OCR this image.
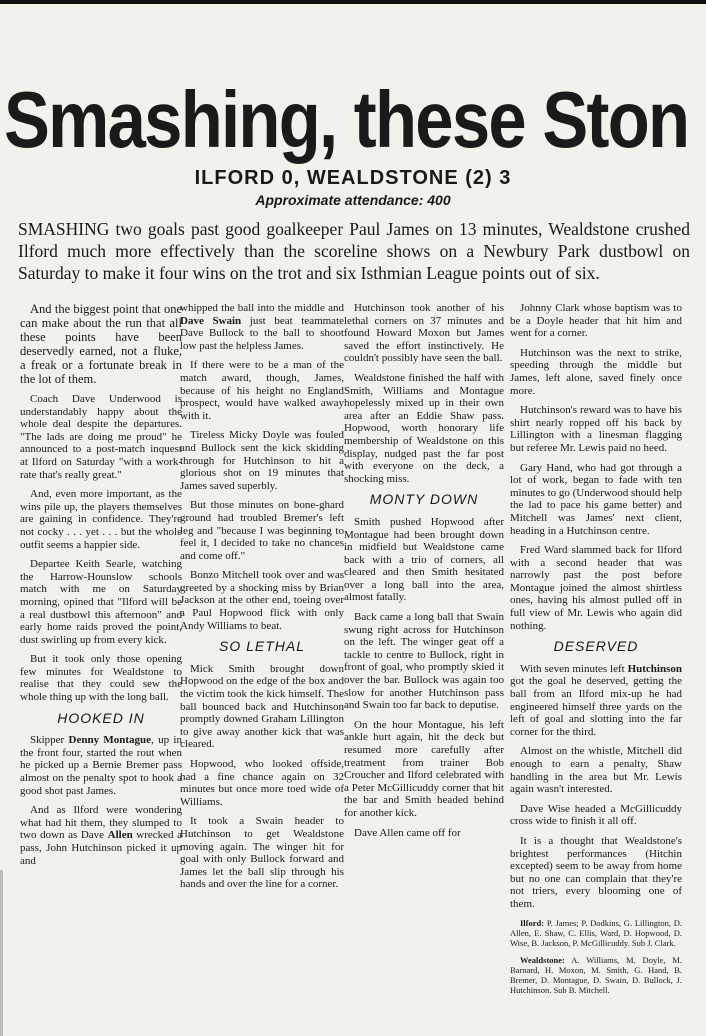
Smashing, these Ston
ILFORD 0, WEALDSTONE (2) 3
Approximate attendance: 400

SMASHING two goals past good goalkeeper Paul James on 13 minutes, Wealdstone crushed Ilford much more effectively than the scoreline shows on a Newbury Park dustbowl on Saturday to make it four wins on the trot and six Isthmian League points out of six.

And the biggest point that one can make about the run that all these points have been deservedly earned, not a fluke, a freak or a fortunate break in the lot of them.

Coach Dave Underwood is understandably happy about the whole deal despite the departures. "The lads are doing me proud" he announced to a post-match inquest at Ilford on Saturday "with a work-rate that's really great."

And, even more important, as the wins pile up, the players themselves are gaining in confidence. They're not cocky . . . yet . . . but the whole outfit seems a happier side.

Departee Keith Searle, watching the Harrow-Hounslow schools match with me on Saturday morning, opined that "Ilford will be a real dustbowl this afternoon" and early home raids proved the point, dust swirling up from every kick.

But it took only those opening few minutes for Wealdstone to realise that they could sew the whole thing up with the long ball.

HOOKED IN

Skipper Denny Montague, up in the front four, started the rout when he picked up a Bernie Bremer pass almost on the penalty spot to hook a good shot past James.

And as Ilford were wondering what had hit them, they slumped to two down as Dave Allen wrecked a pass, John Hutchinson picked it up and

whipped the ball into the middle and Dave Swain just beat teammate Dave Bullock to the ball to shoot low past the helpless James.

If there were to be a man of the match award, though, James, because of his height no England prospect, would have walked away with it.

Tireless Micky Doyle was fouled and Bullock sent the kick skidding through for Hutchinson to hit a glorious shot on 19 minutes that James saved superbly.

But those minutes on bone-ghard ground had troubled Bremer's left leg and "because I was beginning to feel it, I decided to take no chances and come off."

Bonzo Mitchell took over and was greeted by a shocking miss by Brian Jackson at the other end, toeing over a Paul Hopwood flick with only Andy Williams to beat.

SO LETHAL

Mick Smith brought down Hopwood on the edge of the box and the victim took the kick himself. The ball bounced back and Hutchinson promptly downed Graham Lillington to give away another kick that was cleared.

Hopwood, who looked offside, had a fine chance again on 32 minutes but once more toed wide of Williams.

It took a Swain header to Hutchinson to get Wealdstone moving again. The winger hit for goal with only Bullock forward and James let the ball slip through his hands and over the line for a corner.

Hutchinson took another of his lethal corners on 37 minutes and found Howard Moxon but James saved the effort instinctively. He couldn't possibly have seen the ball.

Wealdstone finished the half with Smith, Williams and Montague hopelessly mixed up in their own area after an Eddie Shaw pass. Hopwood, worth honorary life membership of Wealdstone on this display, nudged past the far post with everyone on the deck, a shocking miss.

MONTY DOWN

Smith pushed Hopwood after Montague had been brought down in midfield but Wealdstone came back with a trio of corners, all cleared and then Smith hesitated over a long ball into the area, almost fatally.

Back came a long ball that Swain swung right across for Hutchinson on the left. The winger geat off a tackle to centre to Bullock, right in front of goal, who promptly skied it over the bar. Bullock was again too slow for another Hutchinson pass and Swain too far back to deputise.

On the hour Montague, his left ankle hurt again, hit the deck but resumed more carefully after treatment from trainer Bob Croucher and Ilford celebrated with a Peter McGillicuddy corner that hit the bar and Smith headed behind for another kick.

Dave Allen came off for

Johnny Clark whose baptism was to be a Doyle header that hit him and went for a corner.

Hutchinson was the next to strike, speeding through the middle but James, left alone, saved finely once more.

Hutchinson's reward was to have his shirt nearly ropped off his back by Lillington with a linesman flagging but referee Mr. Lewis paid no heed.

Gary Hand, who had got through a lot of work, began to fade with ten minutes to go (Underwood should help the lad to pace his game better) and Mitchell was James' next client, heading in a Hutchinson centre.

Fred Ward slammed back for Ilford with a second header that was narrowly past the post before Montague joined the almost shirtless ones, having his almost pulled off in full view of Mr. Lewis who again did nothing.

DESERVED

With seven minutes left Hutchinson got the goal he deserved, getting the ball from an Ilford mix-up he had engineered himself three yards on the left of goal and slotting into the far corner for the third.

Almost on the whistle, Mitchell did enough to earn a penalty, Shaw handling in the area but Mr. Lewis again wasn't interested.

Dave Wise headed a McGillicuddy cross wide to finish it all off.

It is a thought that Wealdstone's brightest performances (Hitchin excepted) seem to be away from home but no one can complain that they're not triers, every blooming one of them.

Ilford: P. James; P. Dodkins, G. Lillington, D. Allen, E. Shaw, C. Ellis, Ward, D. Hopwood, D. Wise, B. Jackson, P. McGillicuddy. Sub J. Clark.

Wealdstone: A. Williams, M. Doyle, M. Barnard, H. Moxon, M. Smith, G. Hand, B. Bremer, D. Montague, D. Swain, D. Bullock, J. Hutchinson. Sub B. Mitchell.
